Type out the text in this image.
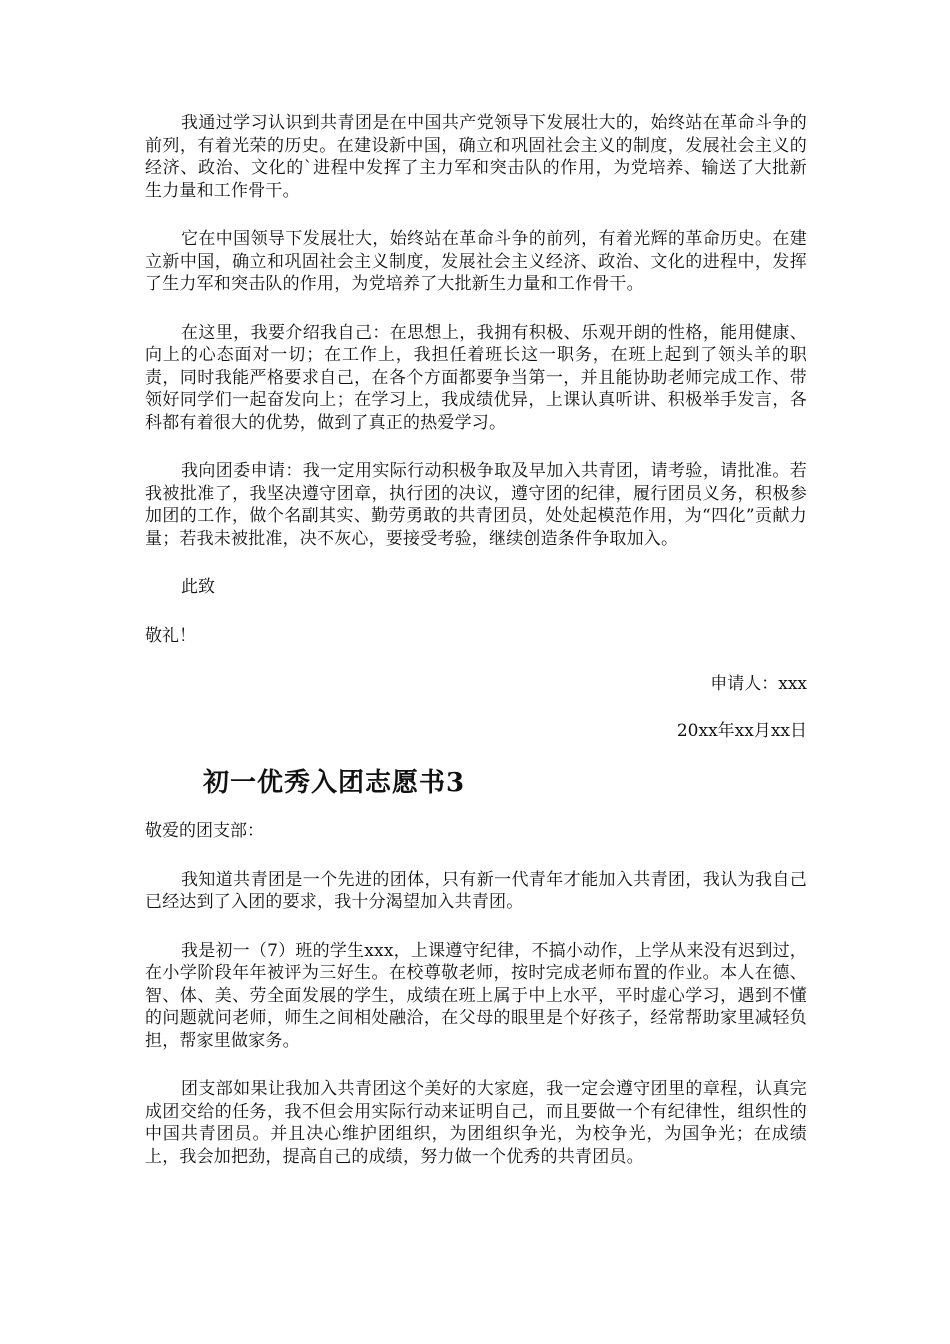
我通过学习认识到共青团是在中国共产党领导下发展壮大的，始终站在革命斗争的前列，有着光荣的历史。在建设新中国，确立和巩固社会主义的制度，发展社会主义的经济、政治、文化的`进程中发挥了主力军和突击队的作用，为党培养、输送了大批新生力量和工作骨干。

它在中国领导下发展壮大，始终站在革命斗争的前列，有着光辉的革命历史。在建立新中国，确立和巩固社会主义制度，发展社会主义经济、政治、文化的进程中，发挥了生力军和突击队的作用，为党培养了大批新生力量和工作骨干。

在这里，我要介绍我自己：在思想上，我拥有积极、乐观开朗的性格，能用健康、向上的心态面对一切；在工作上，我担任着班长这一职务，在班上起到了领头羊的职责，同时我能严格要求自己，在各个方面都要争当第一，并且能协助老师完成工作、带领好同学们一起奋发向上；在学习上，我成绩优异，上课认真听讲、积极举手发言，各科都有着很大的优势，做到了真正的热爱学习。

我向团委申请：我一定用实际行动积极争取及早加入共青团，请考验，请批准。若我被批准了，我坚决遵守团章，执行团的决议，遵守团的纪律，履行团员义务，积极参加团的工作，做个名副其实、勤劳勇敢的共青团员，处处起模范作用，为“四化”贡献力量；若我未被批准，决不灰心，要接受考验，继续创造条件争取加入。

此致

敬礼！

申请人：xxx

20xx年xx月xx日

初一优秀入团志愿书3

敬爱的团支部：

我知道共青团是一个先进的团体，只有新一代青年才能加入共青团，我认为我自己已经达到了入团的要求，我十分渴望加入共青团。

我是初一（7）班的学生xxx，上课遵守纪律，不搞小动作，上学从来没有迟到过，在小学阶段年年被评为三好生。在校尊敬老师，按时完成老师布置的作业。本人在德、智、体、美、劳全面发展的学生，成绩在班上属于中上水平，平时虚心学习，遇到不懂的问题就问老师，师生之间相处融洽，在父母的眼里是个好孩子，经常帮助家里减轻负担，帮家里做家务。

团支部如果让我加入共青团这个美好的大家庭，我一定会遵守团里的章程，认真完成团交给的任务，我不但会用实际行动来证明自己，而且要做一个有纪律性，组织性的中国共青团员。并且决心维护团组织，为团组织争光，为校争光，为国争光；在成绩上，我会加把劲，提高自己的成绩，努力做一个优秀的共青团员。
